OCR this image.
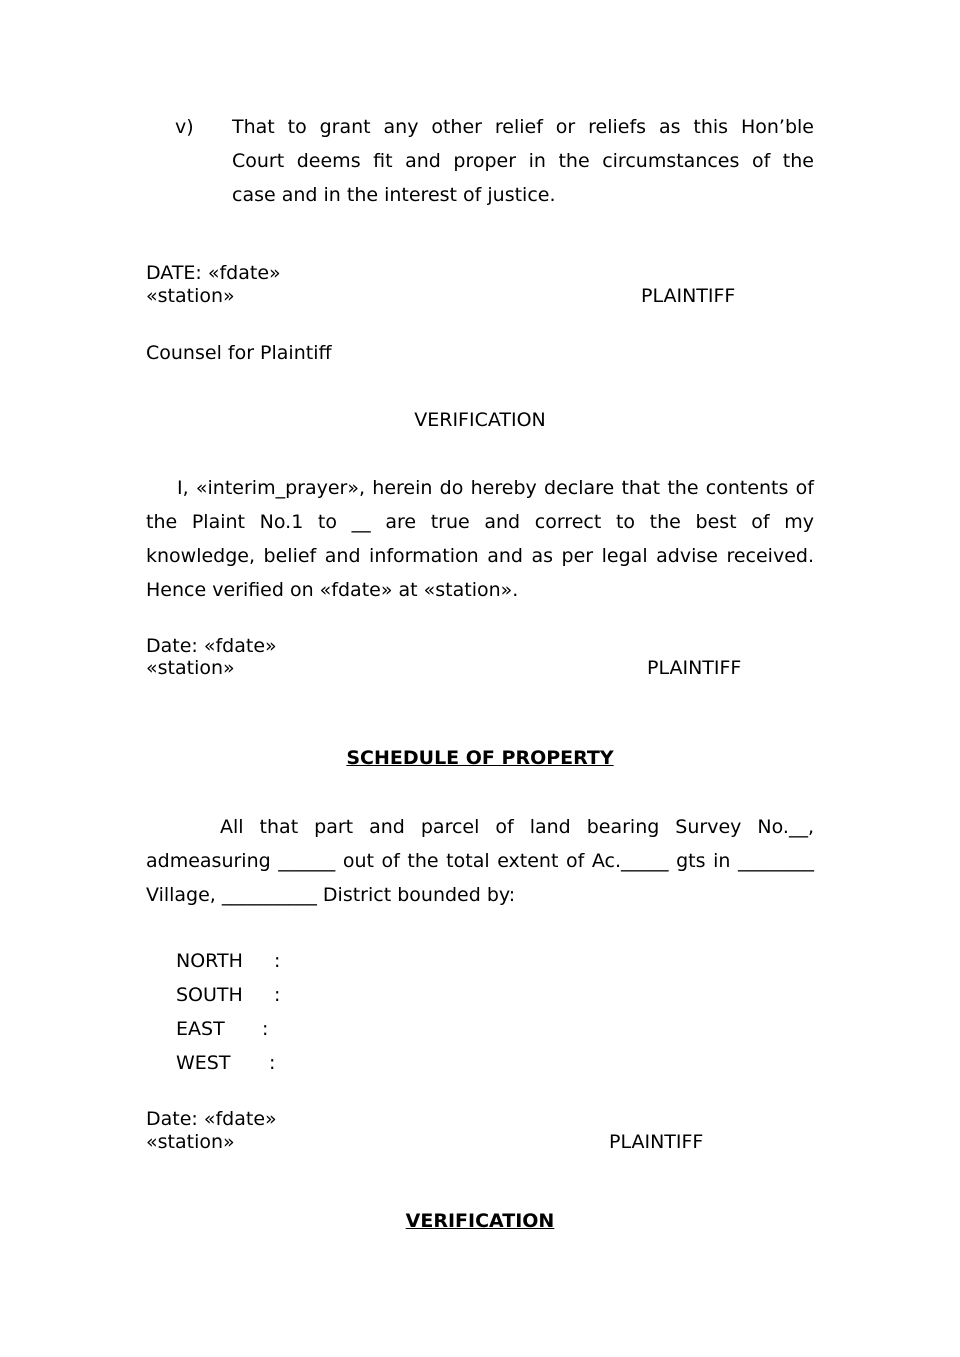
v) That to grant any other relief or reliefs as this Hon’ble
Court deems fit and proper in the circumstances of the
case and in the interest of justice.
DATE: «fdate»
«station»	PLAINTIFF
Counsel for Plaintiff
VERIFICATION
I, «interim_prayer», herein do hereby declare that the contents of
the Plaint No.1 to __ are true and correct to the best of my
knowledge, belief and information and as per legal advise received.
Hence verified on «fdate» at «station».
Date: «fdate»
«station»	PLAINTIFF
SCHEDULE OF PROPERTY
All that part and parcel of land bearing Survey No.__,
admeasuring ______ out of the total extent of Ac._____ gts in ________
Village, __________ District bounded by:
NORTH :
SOUTH :
EAST :
WEST :
Date: «fdate»
«station»	PLAINTIFF
VERIFICATION
